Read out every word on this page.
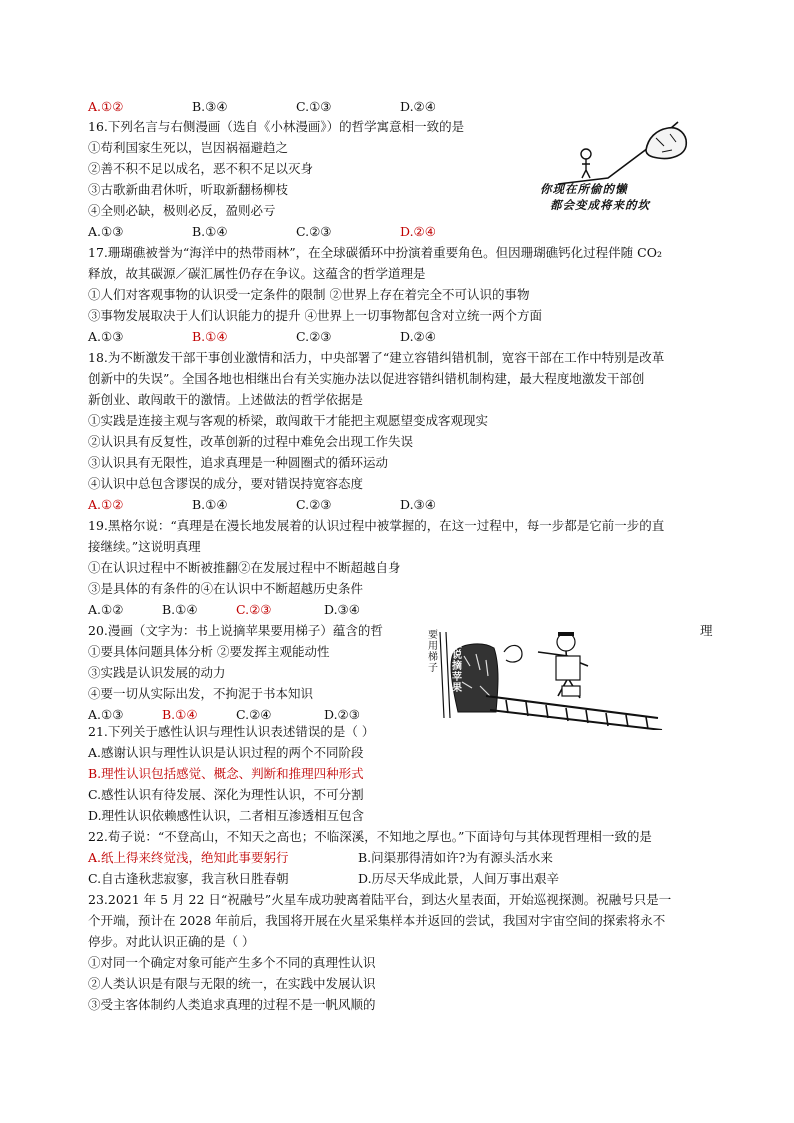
A.①②	B.③④	C.①③	D.②④
16.下列名言与右侧漫画（选自《小林漫画》）的哲学寓意相一致的是
①苟利国家生死以，岂因祸福避趋之
②善不积不足以成名，恶不积不足以灭身
③古歌新曲君休听，听取新翻杨柳枝
④全则必缺，极则必反，盈则必亏
A.①③	B.①④	C.②③	D.②④
你现在所偷的懒
都会变成将来的坎
17.珊瑚礁被誉为“海洋中的热带雨林”，在全球碳循环中扮演着重要角色。但因珊瑚礁钙化过程伴随 CO₂
释放，故其碳源／碳汇属性仍存在争议。这蕴含的哲学道理是
①人们对客观事物的认识受一定条件的限制 ②世界上存在着完全不可认识的事物
③事物发展取决于人们认识能力的提升 ④世界上一切事物都包含对立统一两个方面
A.①③	B.①④	C.②③	D.②④
18.为不断激发干部干事创业激情和活力，中央部署了“建立容错纠错机制，宽容干部在工作中特别是改革
创新中的失误”。全国各地也相继出台有关实施办法以促进容错纠错机制构建，最大程度地激发干部创
新创业、敢闯敢干的激情。上述做法的哲学依据是
①实践是连接主观与客观的桥梁，敢闯敢干才能把主观愿望变成客观现实
②认识具有反复性，改革创新的过程中难免会出现工作失误
③认识具有无限性，追求真理是一种圆圈式的循环运动
④认识中总包含谬误的成分，要对错误持宽容态度
A.①②	B.①④	C.②③	D.③④
19.黑格尔说：“真理是在漫长地发展着的认识过程中被掌握的，在这一过程中，每一步都是它前一步的直
接继续。”这说明真理
①在认识过程中不断被推翻②在发展过程中不断超越自身
③是具体的有条件的④在认识中不断超越历史条件
A.①②	B.①④	C.②③	D.③④
20.漫画（文字为：书上说摘苹果要用梯子）蕴含的哲	理
①要具体问题具体分析 ②要发挥主观能动性
③实践是认识发展的动力
④要一切从实际出发，不拘泥于书本知识
A.①③	B.①④	C.②④	D.②③
要用梯子
书上说摘苹果
21.下列关于感性认识与理性认识表述错误的是（ ）
A.感谢认识与理性认识是认识过程的两个不同阶段
B.理性认识包括感觉、概念、判断和推理四种形式
C.感性认识有待发展、深化为理性认识，不可分割
D.理性认识依赖感性认识，二者相互渗透相互包含
22.荀子说：“不登高山，不知天之高也；不临深溪，不知地之厚也。”下面诗句与其体现哲理相一致的是
A.纸上得来终觉浅，绝知此事要躬行	B.问渠那得清如许?为有源头活水来
C.自古逢秋悲寂寥，我言秋日胜春朝	D.历尽天华成此景，人间万事出艰辛
23.2021 年 5 月 22 日“祝融号”火星车成功驶离着陆平台，到达火星表面，开始巡视探测。祝融号只是一
个开端，预计在 2028 年前后，我国将开展在火星采集样本并返回的尝试，我国对宇宙空间的探索将永不
停步。对此认识正确的是（ ）
①对同一个确定对象可能产生多个不同的真理性认识
②人类认识是有限与无限的统一，在实践中发展认识
③受主客体制约人类追求真理的过程不是一帆风顺的
